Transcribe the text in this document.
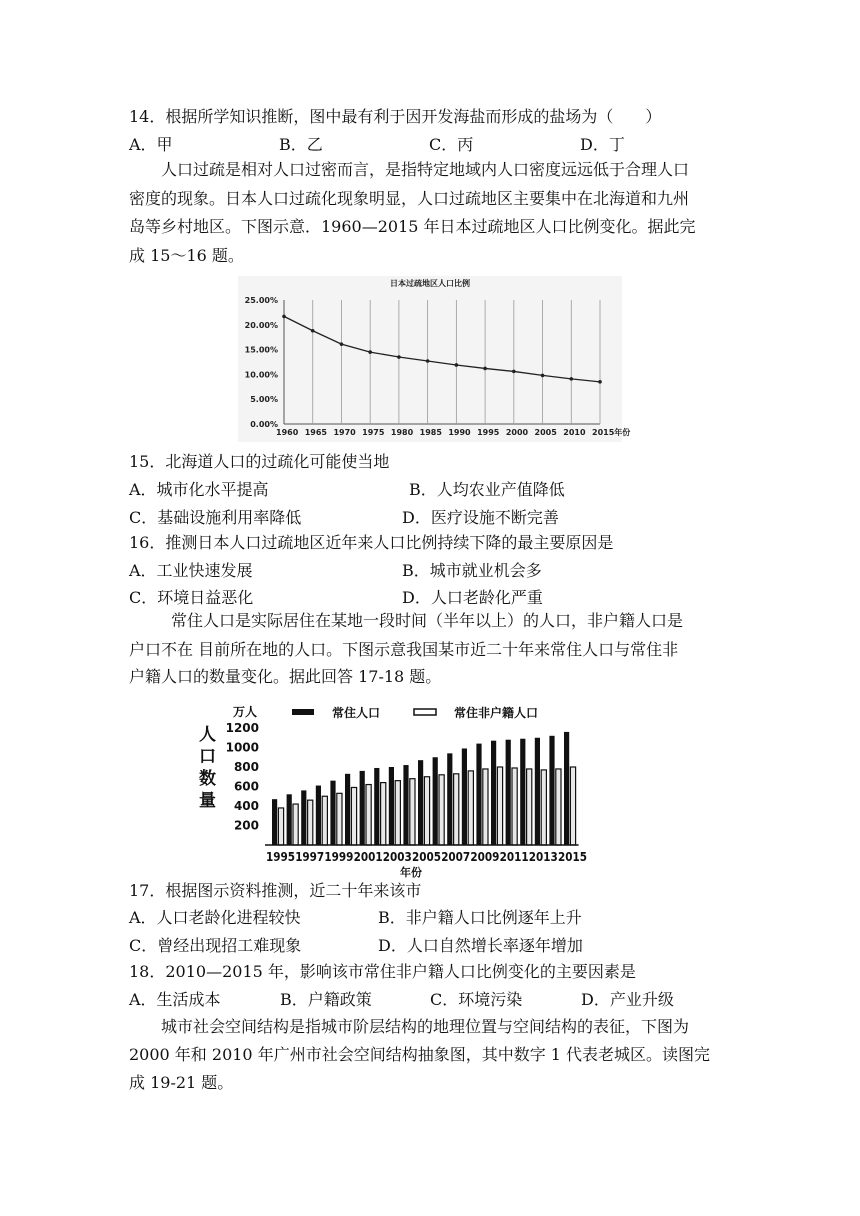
14．根据所学知识推断，图中最有利于因开发海盐而形成的盐场为（　　）
A．甲	B．乙	C．丙	D．丁
人口过疏是相对人口过密而言，是指特定地域内人口密度远远低于合理人口
密度的现象。日本人口过疏化现象明显，人口过疏地区主要集中在北海道和九州
岛等乡村地区。下图示意．1960—2015 年日本过疏地区人口比例变化。据此完
成 15～16 题。
日本过疏地区人口比例
0.00%
5.00%
10.00%
15.00%
20.00%
25.00%
1960 1965 1970 1975 1980 1985 1990 1995 2000 2005 2010 2015年份
15．北海道人口的过疏化可能使当地
A．城市化水平提高	B．人均农业产值降低
C．基础设施利用率降低	D．医疗设施不断完善
16．推测日本人口过疏地区近年来人口比例持续下降的最主要原因是
A．工业快速发展	B．城市就业机会多
C．环境日益恶化	D．人口老龄化严重
常住人口是实际居住在某地一段时间（半年以上）的人口，非户籍人口是
户口不在 目前所在地的人口。下图示意我国某市近二十年来常住人口与常住非
户籍人口的数量变化。据此回答 17-18 题。
万人	常住人口	常住非户籍人口
人
口
数
量
200
400
600
800
1000
1200
1995 1997 1999 2001 2003 2005 2007 2009 2011 2013 2015
年份
17．根据图示资料推测，近二十年来该市
A．人口老龄化进程较快	B．非户籍人口比例逐年上升
C．曾经出现招工难现象	D．人口自然增长率逐年增加
18．2010—2015 年，影响该市常住非户籍人口比例变化的主要因素是
A．生活成本	B．户籍政策	C．环境污染	D．产业升级
城市社会空间结构是指城市阶层结构的地理位置与空间结构的表征，下图为
2000 年和 2010 年广州市社会空间结构抽象图，其中数字 1 代表老城区。读图完
成 19-21 题。
